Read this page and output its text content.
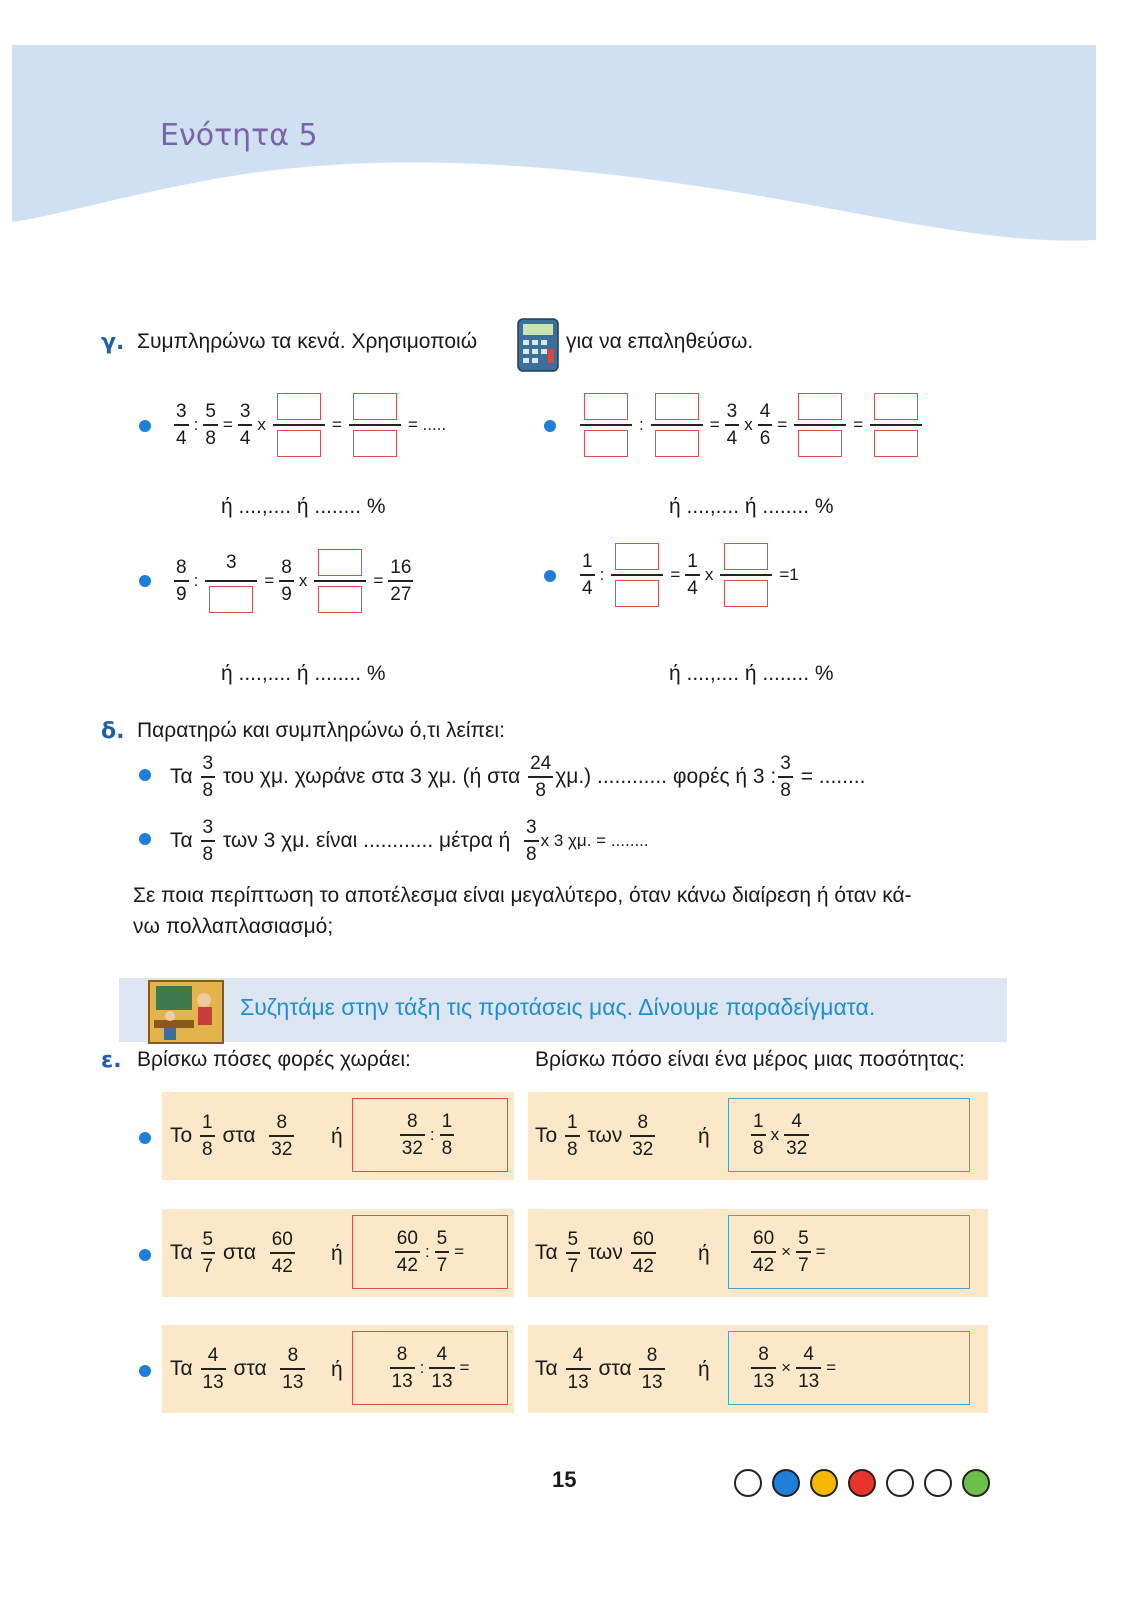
Ενότητα 5
γ. Συμπληρώνω τα κενά. Χρησιμοποιώ	για να επαληθεύσω.
$\frac{3}{4}$ : $\frac{5}{8} = \frac{3}{4}$ x	=	= .....
ή ....,.... ή ........ %
:	= $\frac{3}{4}$ x $\frac{4}{6}$ =	=
ή ....,.... ή ........ %
$\frac{8}{9}$ :
3
= $\frac{8}{9}$ x	= $\frac{16}{27}$
ή ....,.... ή ........ %
$\frac{1}{4}$ :	= $\frac{1}{4}$ x	=1
ή ....,.... ή ........ %
δ. Παρατηρώ και συμπληρώνω ό,τι λείπει:
Τα
$\frac{3}{8}$
του χμ. χωράνε στα 3 χμ. (ή στα
$\frac{24}{8} \chi\mu$.) ............ φορές ή
3 : $\frac{3}{8}$
= ........
Τα
$\frac{3}{8}$
των 3 χμ. είναι ............ μέτρα ή
$\frac{3}{8}$ x 3 χμ. = ........
Σε ποια περίπτωση το αποτέλεσμα είναι μεγαλύτερο, όταν κάνω διαίρεση ή όταν κά-
νω πολλαπλασιασμό;
Συζητάμε στην τάξη τις προτάσεις μας. Δίνουμε παραδείγματα.
ε. Βρίσκω πόσες φορές χωράει:	Βρίσκω πόσο είναι ένα μέρος μιας ποσότητας:
Το
$\frac{1}{8}$
στα
$\frac{8}{32}$ ή	$\frac{8}{32}$ : $\frac{1}{8}$	Το
$\frac{1}{8}$
των
$\frac{8}{32}$ ή $\frac{1}{8}$ x $\frac{4}{32}$
Τα
$\frac{5}{7}$
στα
$\frac{60}{42}$ ή	$\frac{60}{42}$ : $\frac{5}{7}$ =	Τα
$\frac{5}{7}$
των
$\frac{60}{42}$ ή $\frac{60}{42} \times \frac{5}{7}$ =
Τα
$\frac{4}{13}$
στα
$\frac{8}{13}$ ή $\frac{8}{13}$ : $\frac{4}{13}$ =	Τα
$\frac{4}{13}$
στα
$\frac{8}{13}$ ή $\frac{8}{13} \times \frac{4}{13}$ =
15
